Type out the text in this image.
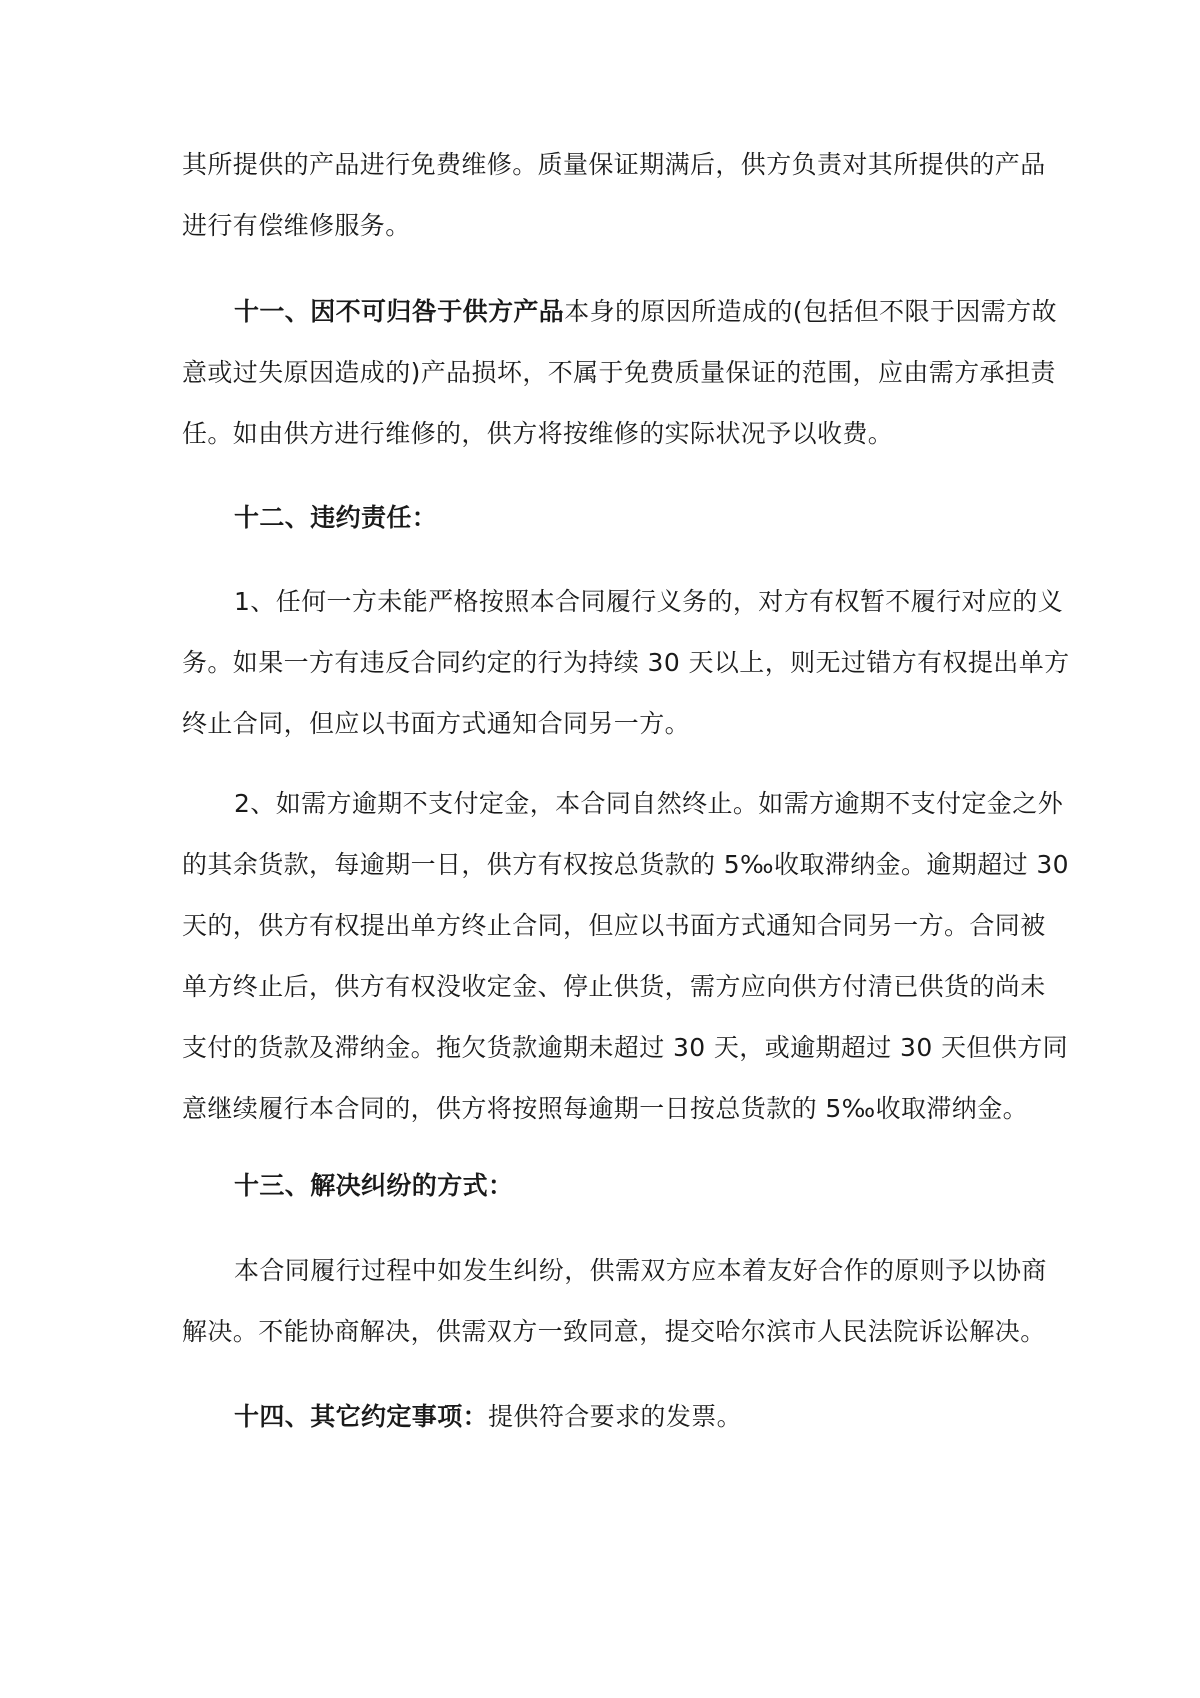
其所提供的产品进行免费维修。质量保证期满后，供方负责对其所提供的产品
进行有偿维修服务。
十一、因不可归咎于供方产品本身的原因所造成的(包括但不限于因需方故
意或过失原因造成的)产品损坏，不属于免费质量保证的范围，应由需方承担责
任。如由供方进行维修的，供方将按维修的实际状况予以收费。
十二、违约责任：
1、任何一方未能严格按照本合同履行义务的，对方有权暂不履行对应的义
务。如果一方有违反合同约定的行为持续 30 天以上，则无过错方有权提出单方
终止合同，但应以书面方式通知合同另一方。
2、如需方逾期不支付定金，本合同自然终止。如需方逾期不支付定金之外
的其余货款，每逾期一日，供方有权按总货款的 5‰收取滞纳金。逾期超过 30
天的，供方有权提出单方终止合同，但应以书面方式通知合同另一方。合同被
单方终止后，供方有权没收定金、停止供货，需方应向供方付清已供货的尚未
支付的货款及滞纳金。拖欠货款逾期未超过 30 天，或逾期超过 30 天但供方同
意继续履行本合同的，供方将按照每逾期一日按总货款的 5‰收取滞纳金。
十三、解决纠纷的方式：
本合同履行过程中如发生纠纷，供需双方应本着友好合作的原则予以协商
解决。不能协商解决，供需双方一致同意，提交哈尔滨市人民法院诉讼解决。
十四、其它约定事项：提供符合要求的发票。
